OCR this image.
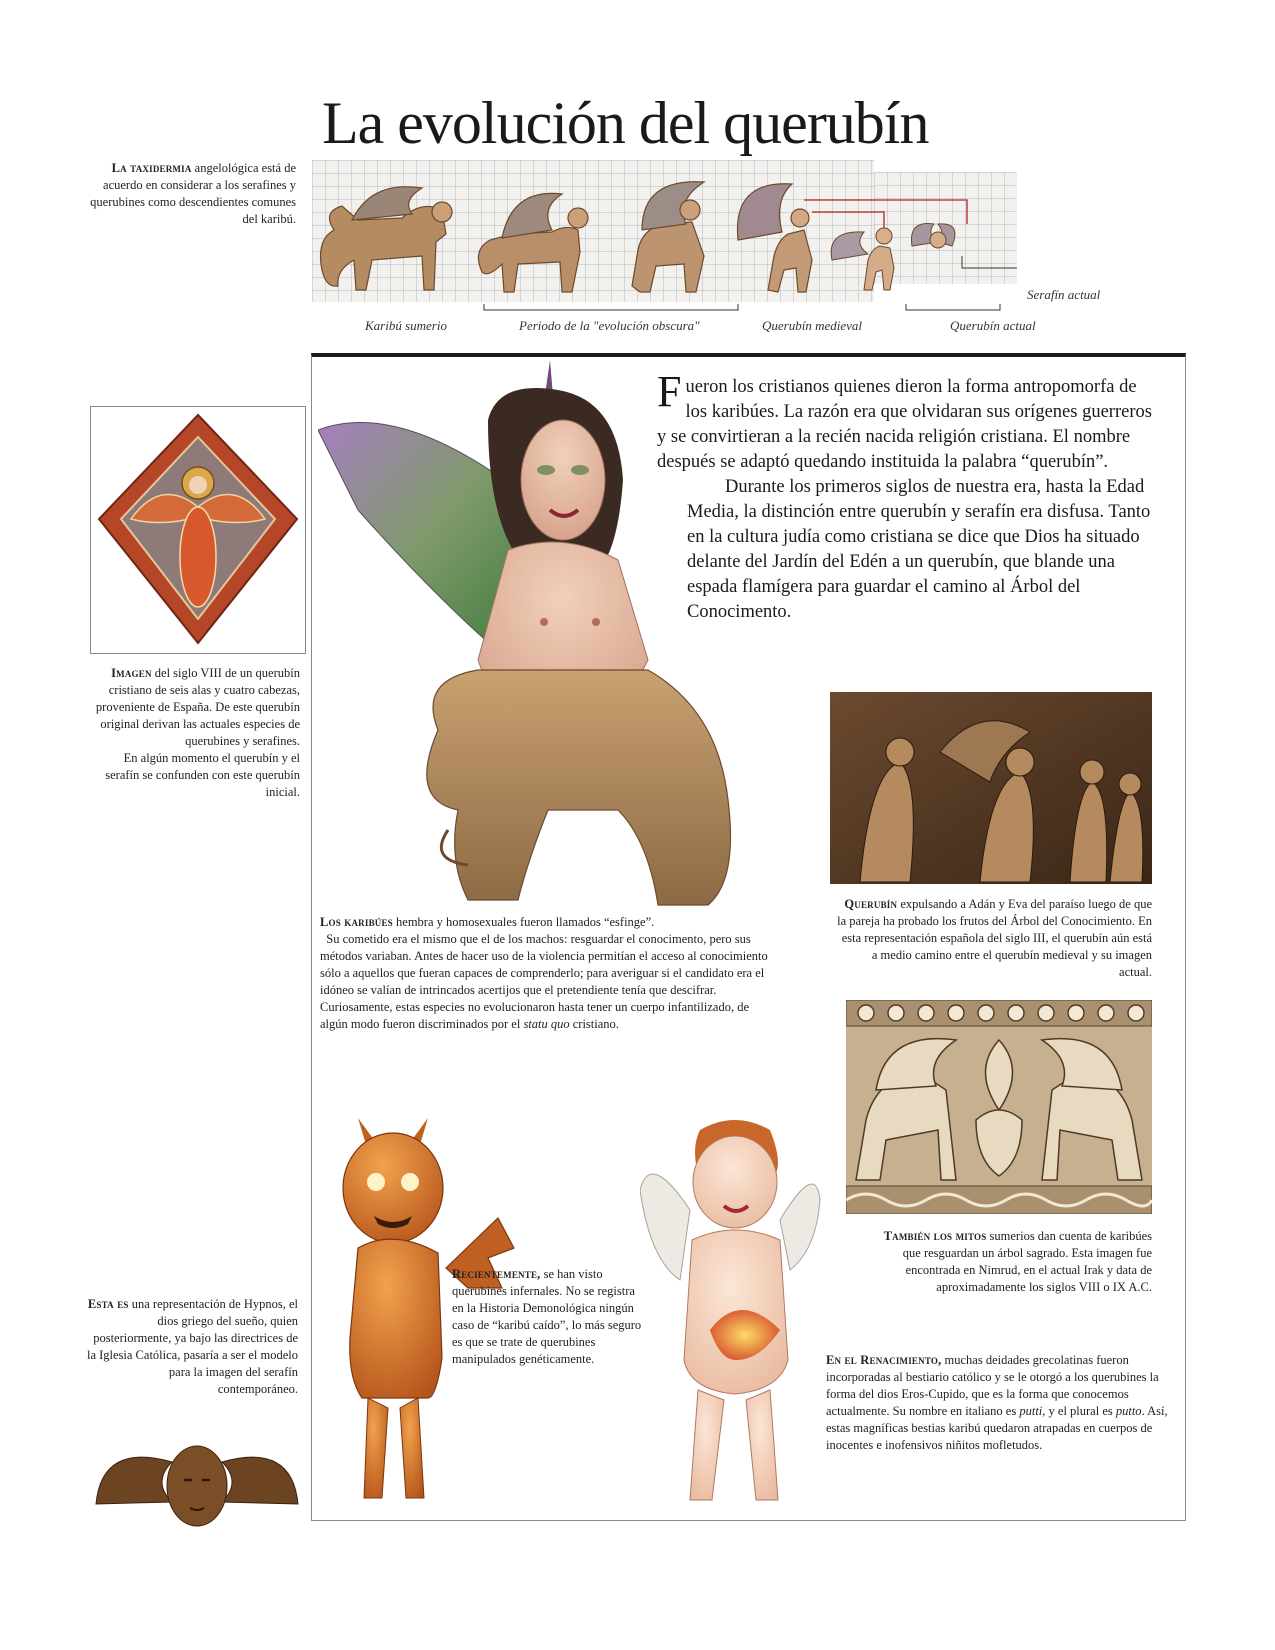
La evolución del querubín
La taxidermia angelológica está de acuerdo en considerar a los serafines y querubines como descendientes comunes del karibú.
Karibú sumerio	Periodo de la "evolución obscura"	Querubín medieval	Querubín actual
Serafín actual

Fueron los cristianos quienes dieron la forma antropomorfa de los karibúes. La razón era que olvidaran sus orígenes guerreros y se convirtieran a la recién nacida religión cristiana. El nombre después se adaptó quedando instituida la palabra “querubín”.

Durante los primeros siglos de nuestra era, hasta la Edad Media, la distinción entre querubín y serafín era disfusa. Tanto en la cultura judía como cristiana se dice que Dios ha situado delante del Jardín del Edén a un querubín, que blande una espada flamígera para guardar el camino al Árbol del Conocimento.

Imagen del siglo VIII de un querubín cristiano de seis alas y cuatro cabezas, proveniente de España. De este querubín original derivan las actuales especies de querubines y serafines.
En algún momento el querubín y el serafín se confunden con este querubín inicial.
Querubín expulsando a Adán y Eva del paraíso luego de que la pareja ha probado los frutos del Árbol del Conocimiento. En esta representación española del siglo III, el querubín aún está a medio camino entre el querubín medieval y su imagen actual.
También los mitos sumerios dan cuenta de karibúes que resguardan un árbol sagrado. Esta imagen fue encontrada en Nimrud, en el actual Irak y data de aproximadamente los siglos VIII o IX A.C.
Los karibúes hembra y homosexuales fueron llamados “esfinge”.
Su cometido era el mismo que el de los machos: resguardar el conocimento, pero sus métodos variaban. Antes de hacer uso de la violencia permitían el acceso al conocimiento sólo a aquellos que fueran capaces de comprenderlo; para averiguar si el candidato era el idóneo se valían de intrincados acertijos que el pretendiente tenía que descifrar. Curiosamente, estas especies no evolucionaron hasta tener un cuerpo infantilizado, de algún modo fueron discriminados por el statu quo cristiano.
Recientemente, se han visto querubines infernales. No se registra en la Historia Demonológica ningún caso de “karibú caído”, lo más seguro es que se trate de querubines manipulados genéticamente.	En el Renacimiento, muchas deidades grecolatinas fueron incorporadas al bestiario católico y se le otorgó a los querubines la forma del dios Eros-Cupido, que es la forma que conocemos actualmente. Su nombre en italiano es putti, y el plural es putto. Así, estas magníficas bestias karibú quedaron atrapadas en cuerpos de inocentes e inofensivos niñitos mofletudos.
Esta es una representación de Hypnos, el dios griego del sueño, quien posteriormente, ya bajo las directrices de la Iglesia Católica, pasaría a ser el modelo para la imagen del serafín contemporáneo.
